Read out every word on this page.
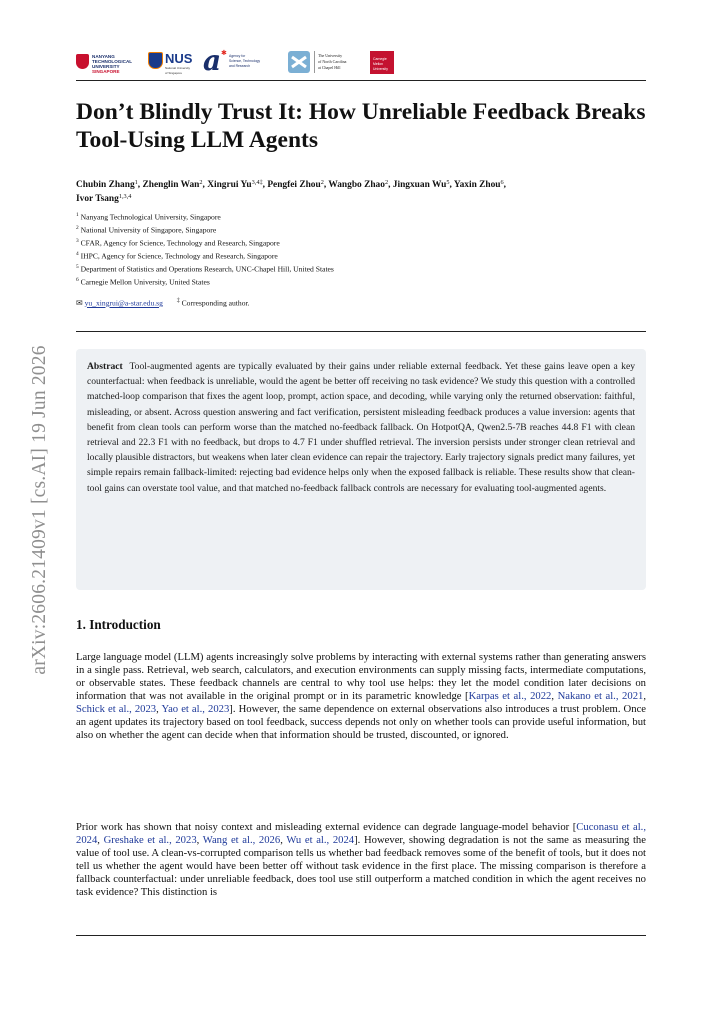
arXiv:2606.21409v1 [cs.AI] 19 Jun 2026
NANYANG
TECHNOLOGICAL
UNIVERSITY
SINGAPORE
NUS
National University
of Singapore a ✱ Agency for
Science, Technology
and Research
The University
of North Carolina
at Chapel Hill
Carnegie
Mellon
University
Don’t Blindly Trust It: How Unreliable Feedback Breaks Tool-Using LLM Agents
Chubin Zhang$^1$, Zhenglin Wan$^2$, Xingrui $Yu^{3,4\ddagger}$, Pengfei Zhou$^2$, Wangbo Zhao$^2$, Jingxuan Wu$^5$, Yaxin Zhou$^6$,
Ivor Tsang$^{1,3,4}$
$^1$ Nanyang Technological University, Singapore
$^2$ National University of Singapore, Singapore
$^3$ CFAR, Agency for Science, Technology and Research, Singapore
$^4$ IHPC, Agency for Science, Technology and Research, Singapore
$^5$ Department of Statistics and Operations Research, UNC-Chapel Hill, United States
$^6$ Carnegie Mellon University, United States
✉ yu_xingrui@a-star.edu.sg ‡ Corresponding author.

Abstract Tool-augmented agents are typically evaluated by their gains under reliable external feedback. Yet these gains leave open a key counterfactual: when feedback is unreliable, would the agent be better off receiving no task evidence? We study this question with a controlled matched-loop comparison that fixes the agent loop, prompt, action space, and decoding, while varying only the returned observation: faithful, misleading, or absent. Across question answering and fact verification, persistent misleading feedback produces a value inversion: agents that benefit from clean tools can perform worse than the matched no-feedback fallback. On HotpotQA, Qwen2.5-7B reaches 44.8 F1 with clean retrieval and 22.3 F1 with no feedback, but drops to 4.7 F1 under shuffled retrieval. The inversion persists under stronger clean retrieval and locally plausible distractors, but weakens when later clean evidence can repair the trajectory. Early trajectory signals predict many failures, yet simple repairs remain fallback-limited: rejecting bad evidence helps only when the exposed fallback is reliable. These results show that clean-tool gains can overstate tool value, and that matched no-feedback fallback controls are necessary for evaluating tool-augmented agents.

1. Introduction

Large language model (LLM) agents increasingly solve problems by interacting with external systems rather than generating answers in a single pass. Retrieval, web search, calculators, and execution environments can supply missing facts, intermediate computations, or observable states. These feedback channels are central to why tool use helps: they let the model condition later decisions on information that was not available in the original prompt or in its parametric knowledge [Karpas et al., 2022, Nakano et al., 2021, Schick et al., 2023, Yao et al., 2023]. However, the same dependence on external observations also introduces a trust problem. Once an agent updates its trajectory based on tool feedback, success depends not only on whether tools can provide useful information, but also on whether the agent can decide when that information should be trusted, discounted, or ignored.

Prior work has shown that noisy context and misleading external evidence can degrade language-model behavior [Cuconasu et al., 2024, Greshake et al., 2023, Wang et al., 2026, Wu et al., 2024]. However, showing degradation is not the same as measuring the value of tool use. A clean-vs-corrupted comparison tells us whether bad feedback removes some of the benefit of tools, but it does not tell us whether the agent would have been better off without task evidence in the first place. The missing comparison is therefore a fallback counterfactual: under unreliable feedback, does tool use still outperform a matched condition in which the agent receives no task evidence? This distinction is
